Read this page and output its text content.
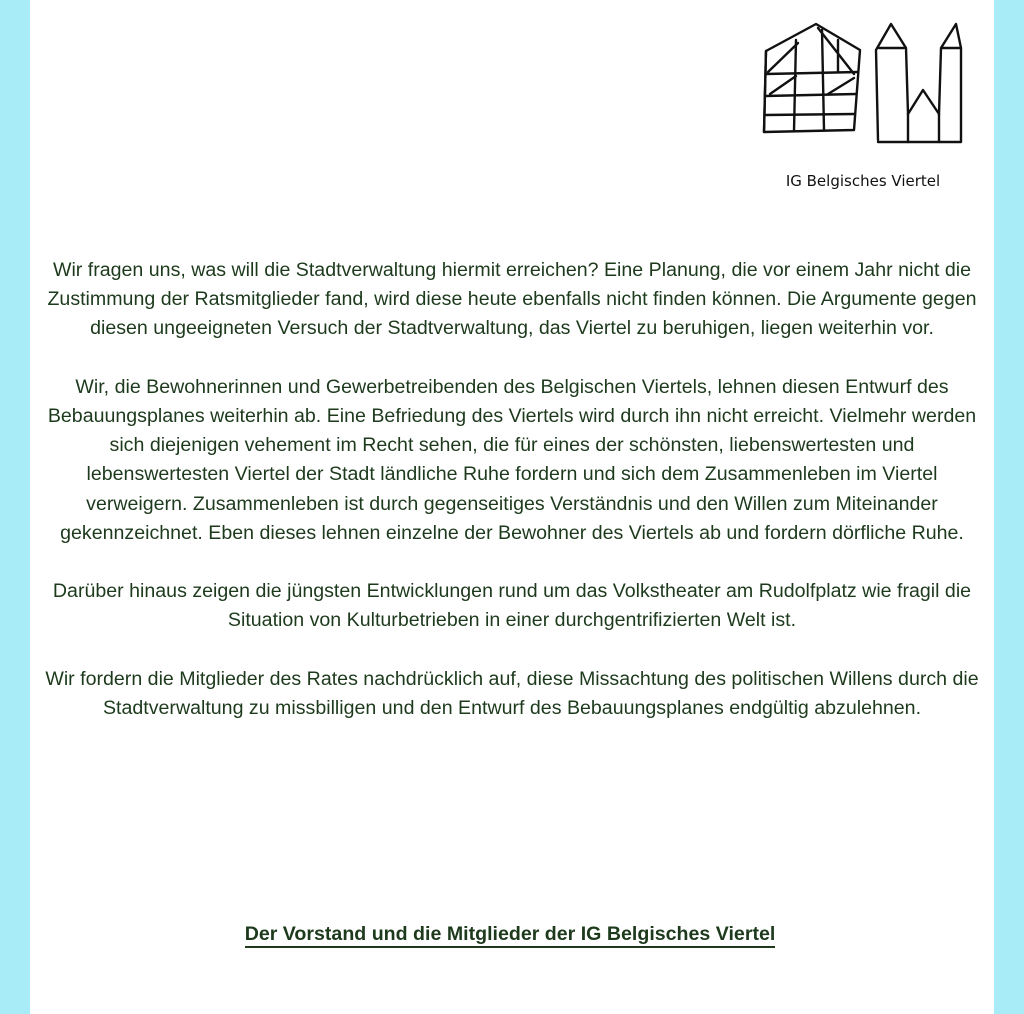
IG Belgisches Viertel

Wir fragen uns, was will die Stadtverwaltung hiermit erreichen? Eine Planung, die vor einem Jahr nicht die Zustimmung der Ratsmitglieder fand, wird diese heute ebenfalls nicht finden können. Die Argumente gegen diesen ungeeigneten Versuch der Stadtverwaltung, das Viertel zu beruhigen, liegen weiterhin vor.

Wir, die Bewohnerinnen und Gewerbetreibenden des Belgischen Viertels, lehnen diesen Entwurf des Bebauungsplanes weiterhin ab. Eine Befriedung des Viertels wird durch ihn nicht erreicht. Vielmehr werden sich diejenigen vehement im Recht sehen, die für eines der schönsten, liebenswertesten und lebenswertesten Viertel der Stadt ländliche Ruhe fordern und sich dem Zusammenleben im Viertel verweigern. Zusammenleben ist durch gegenseitiges Verständnis und den Willen zum Miteinander gekennzeichnet. Eben dieses lehnen einzelne der Bewohner des Viertels ab und fordern dörfliche Ruhe.

Darüber hinaus zeigen die jüngsten Entwicklungen rund um das Volkstheater am Rudolfplatz wie fragil die Situation von Kulturbetrieben in einer durchgentrifizierten Welt ist.

Wir fordern die Mitglieder des Rates nachdrücklich auf, diese Missachtung des politischen Willens durch die Stadtverwaltung zu missbilligen und den Entwurf des Bebauungsplanes endgültig abzulehnen.

Der Vorstand und die Mitglieder der IG Belgisches Viertel
